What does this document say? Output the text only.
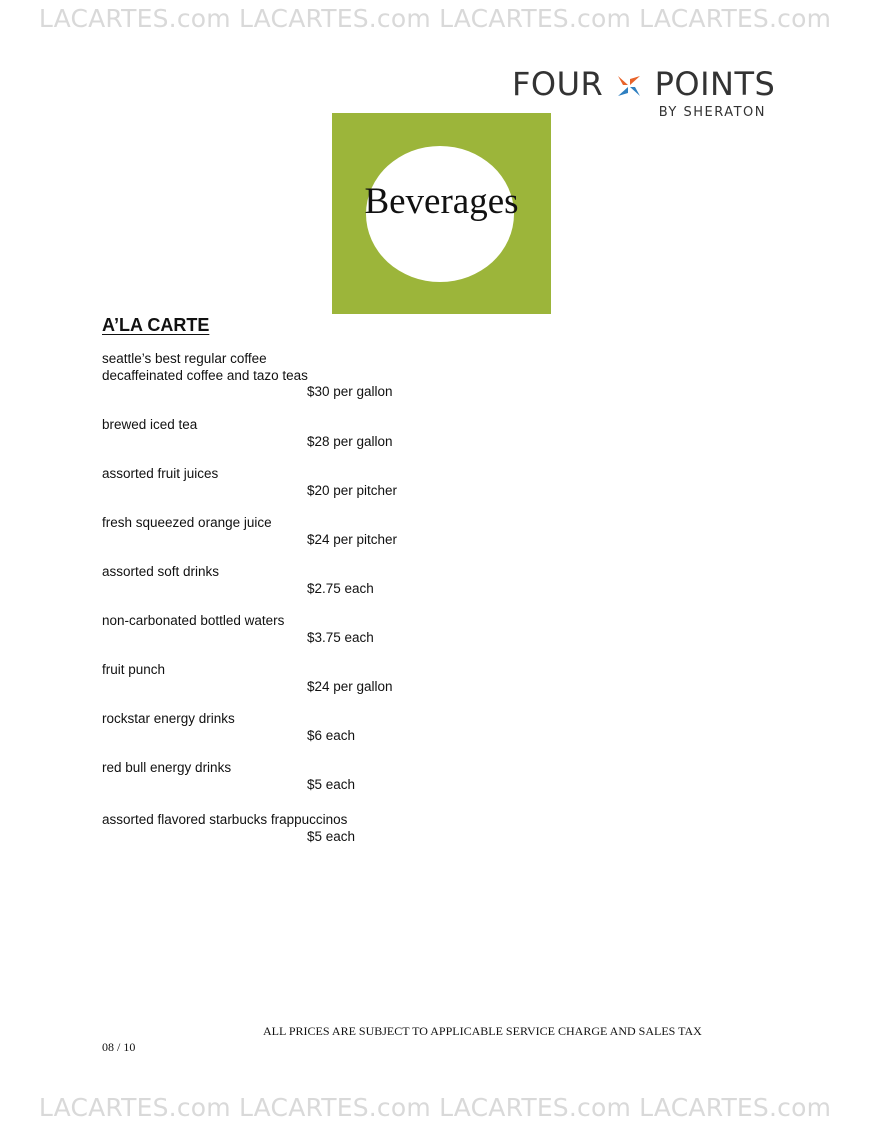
LACARTES.com LACARTES.com LACARTES.com LACARTES.com
FOUR POINTS
BY SHERATON
Beverages
A’LA CARTE
seattle’s best regular coffee
decaffeinated coffee and tazo teas
$30 per gallon
brewed iced tea
$28 per gallon
assorted fruit juices
$20 per pitcher
fresh squeezed orange juice
$24 per pitcher
assorted soft drinks
$2.75 each
non-carbonated bottled waters
$3.75 each
fruit punch
$24 per gallon
rockstar energy drinks
$6 each
red bull energy drinks
$5 each
assorted flavored starbucks frappuccinos
$5 each
ALL PRICES ARE SUBJECT TO APPLICABLE SERVICE CHARGE AND SALES TAX
08 / 10
LACARTES.com LACARTES.com LACARTES.com LACARTES.com
